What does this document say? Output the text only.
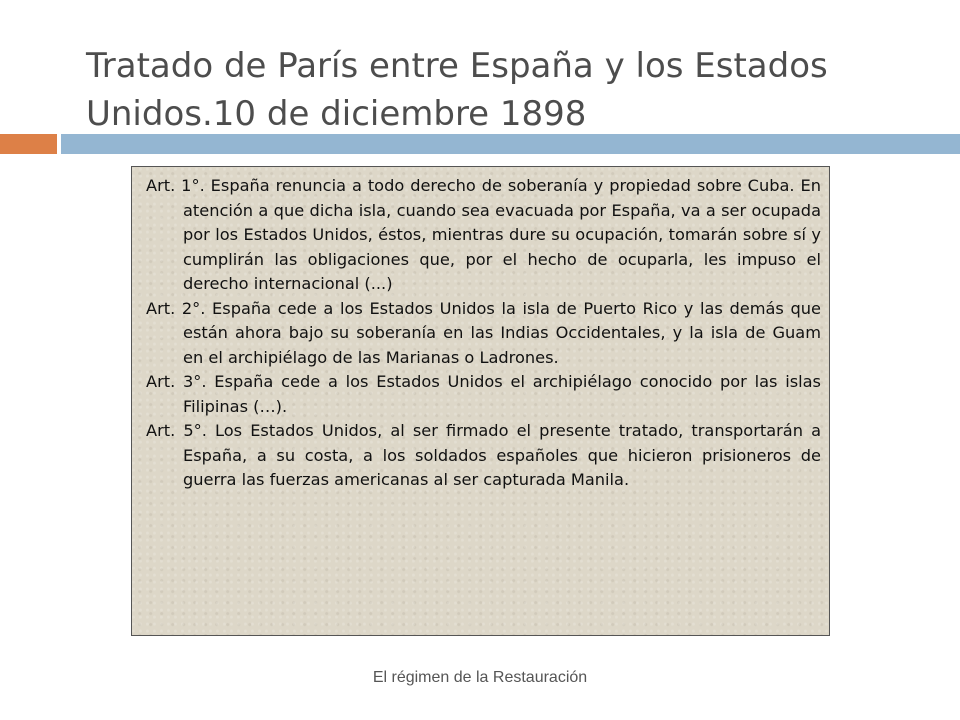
Tratado de París entre España y los Estados Unidos.10 de diciembre 1898

Art. 1°. España renuncia a todo derecho de soberanía y propiedad sobre Cuba. En atención a que dicha isla, cuando sea evacuada por España, va a ser ocupada por los Estados Unidos, éstos, mientras dure su ocupación, tomarán sobre sí y cumplirán las obligaciones que, por el hecho de ocuparla, les impuso el derecho internacional (...)

Art. 2°. España cede a los Estados Unidos la isla de Puerto Rico y las demás que están ahora bajo su soberanía en las Indias Occidentales, y la isla de Guam en el archipiélago de las Marianas o Ladrones.

Art. 3°. España cede a los Estados Unidos el archipiélago conocido por las islas Filipinas (…).

Art. 5°. Los Estados Unidos, al ser firmado el presente tratado, transportarán a España, a su costa, a los soldados españoles que hicieron prisioneros de guerra las fuerzas americanas al ser capturada Manila.

El régimen de la Restauración
